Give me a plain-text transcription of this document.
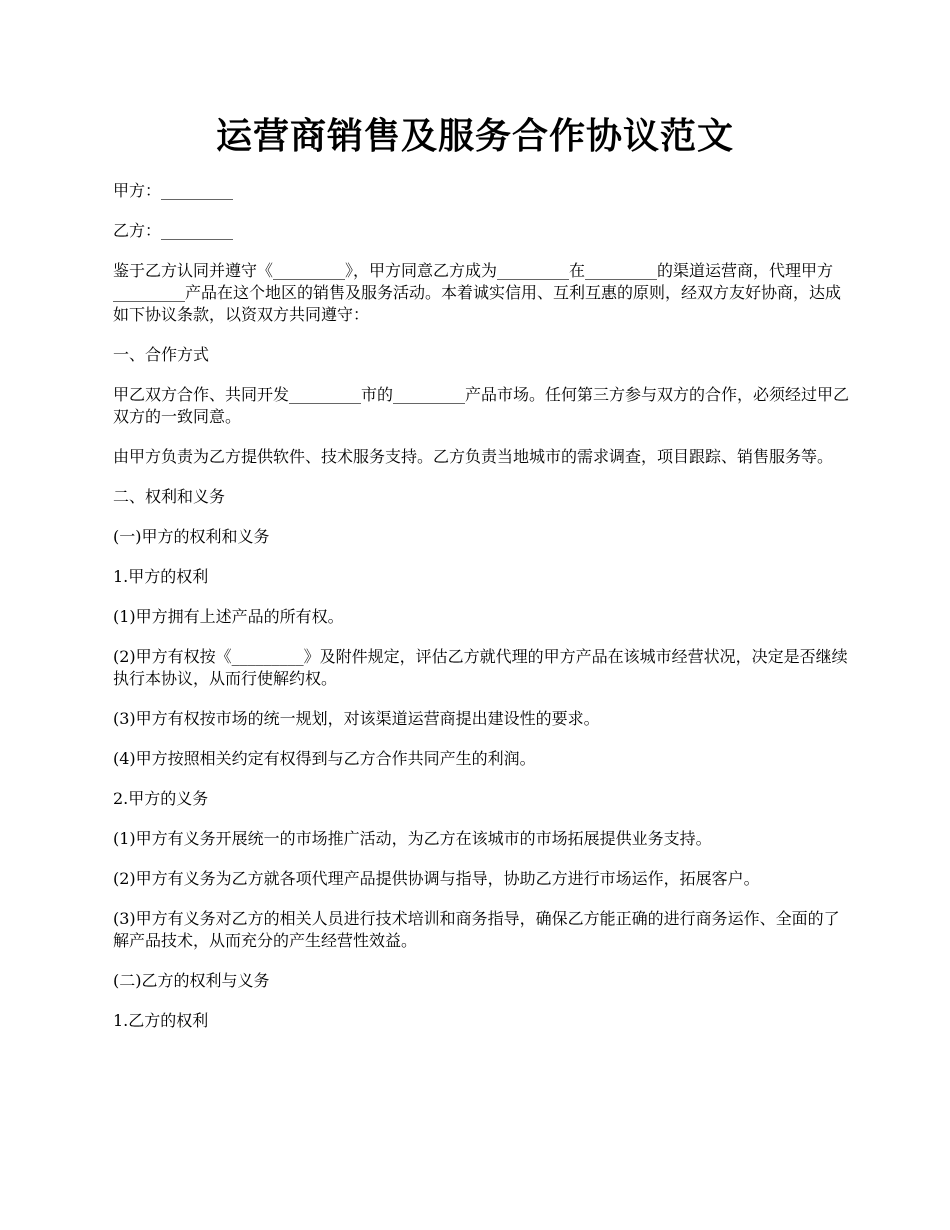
运营商销售及服务合作协议范文

甲方：_________

乙方：_________

鉴于乙方认同并遵守《_________》，甲方同意乙方成为_________在_________的渠道运营商，代理甲方_________产品在这个地区的销售及服务活动。本着诚实信用、互利互惠的原则，经双方友好协商，达成如下协议条款，以资双方共同遵守：

一、合作方式

甲乙双方合作、共同开发_________市的_________产品市场。任何第三方参与双方的合作，必须经过甲乙双方的一致同意。

由甲方负责为乙方提供软件、技术服务支持。乙方负责当地城市的需求调查，项目跟踪、销售服务等。

二、权利和义务

(一)甲方的权利和义务

1.甲方的权利

(1)甲方拥有上述产品的所有权。

(2)甲方有权按《_________》及附件规定，评估乙方就代理的甲方产品在该城市经营状况，决定是否继续执行本协议，从而行使解约权。

(3)甲方有权按市场的统一规划，对该渠道运营商提出建设性的要求。

(4)甲方按照相关约定有权得到与乙方合作共同产生的利润。

2.甲方的义务

(1)甲方有义务开展统一的市场推广活动，为乙方在该城市的市场拓展提供业务支持。

(2)甲方有义务为乙方就各项代理产品提供协调与指导，协助乙方进行市场运作，拓展客户。

(3)甲方有义务对乙方的相关人员进行技术培训和商务指导，确保乙方能正确的进行商务运作、全面的了解产品技术，从而充分的产生经营性效益。

(二)乙方的权利与义务

1.乙方的权利
